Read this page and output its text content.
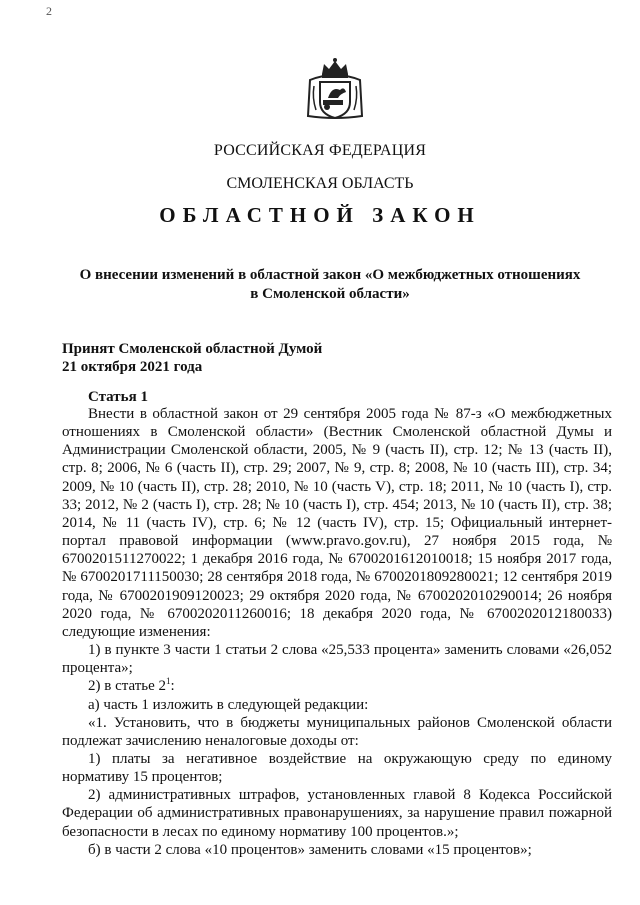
2
РОССИЙСКАЯ ФЕДЕРАЦИЯ
СМОЛЕНСКАЯ ОБЛАСТЬ
ОБЛАСТНОЙ ЗАКОН
О внесении изменений в областной закон «О межбюджетных отношениях
в Смоленской области»
Принят Смоленской областной Думой
21 октября 2021 года
Статья 1

Внести в областной закон от 29 сентября 2005 года № 87-з «О межбюджетных отношениях в Смоленской области» (Вестник Смоленской областной Думы и Администрации Смоленской области, 2005, № 9 (часть II), стр. 12; № 13 (часть II), стр. 8; 2006, № 6 (часть II), стр. 29; 2007, № 9, стр. 8; 2008, № 10 (часть III), стр. 34; 2009, № 10 (часть II), стр. 28; 2010, № 10 (часть V), стр. 18; 2011, № 10 (часть I), стр. 33; 2012, № 2 (часть I), стр. 28; № 10 (часть I), стр. 454; 2013, № 10 (часть II), стр. 38; 2014, № 11 (часть IV), стр. 6; № 12 (часть IV), стр. 15; Официальный интернет-портал правовой информации (www.pravo.gov.ru), 27 ноября 2015 года, № 6700201511270022; 1 декабря 2016 года, № 6700201612010018; 15 ноября 2017 года, № 6700201711150030; 28 сентября 2018 года, № 6700201809280021; 12 сентября 2019 года, № 6700201909120023; 29 октября 2020 года, № 6700202010290014; 26 ноября 2020 года, № 6700202011260016; 18 декабря 2020 года, № 6700202012180033) следующие изменения:

1) в пункте 3 части 1 статьи 2 слова «25,533 процента» заменить словами «26,052 процента»;

2) в статье $2^1$:

а) часть 1 изложить в следующей редакции:

«1. Установить, что в бюджеты муниципальных районов Смоленской области подлежат зачислению неналоговые доходы от:

1) платы за негативное воздействие на окружающую среду по единому нормативу 15 процентов;

2) административных штрафов, установленных главой 8 Кодекса Российской Федерации об административных правонарушениях, за нарушение правил пожарной безопасности в лесах по единому нормативу 100 процентов.»;

б) в части 2 слова «10 процентов» заменить словами «15 процентов»;
